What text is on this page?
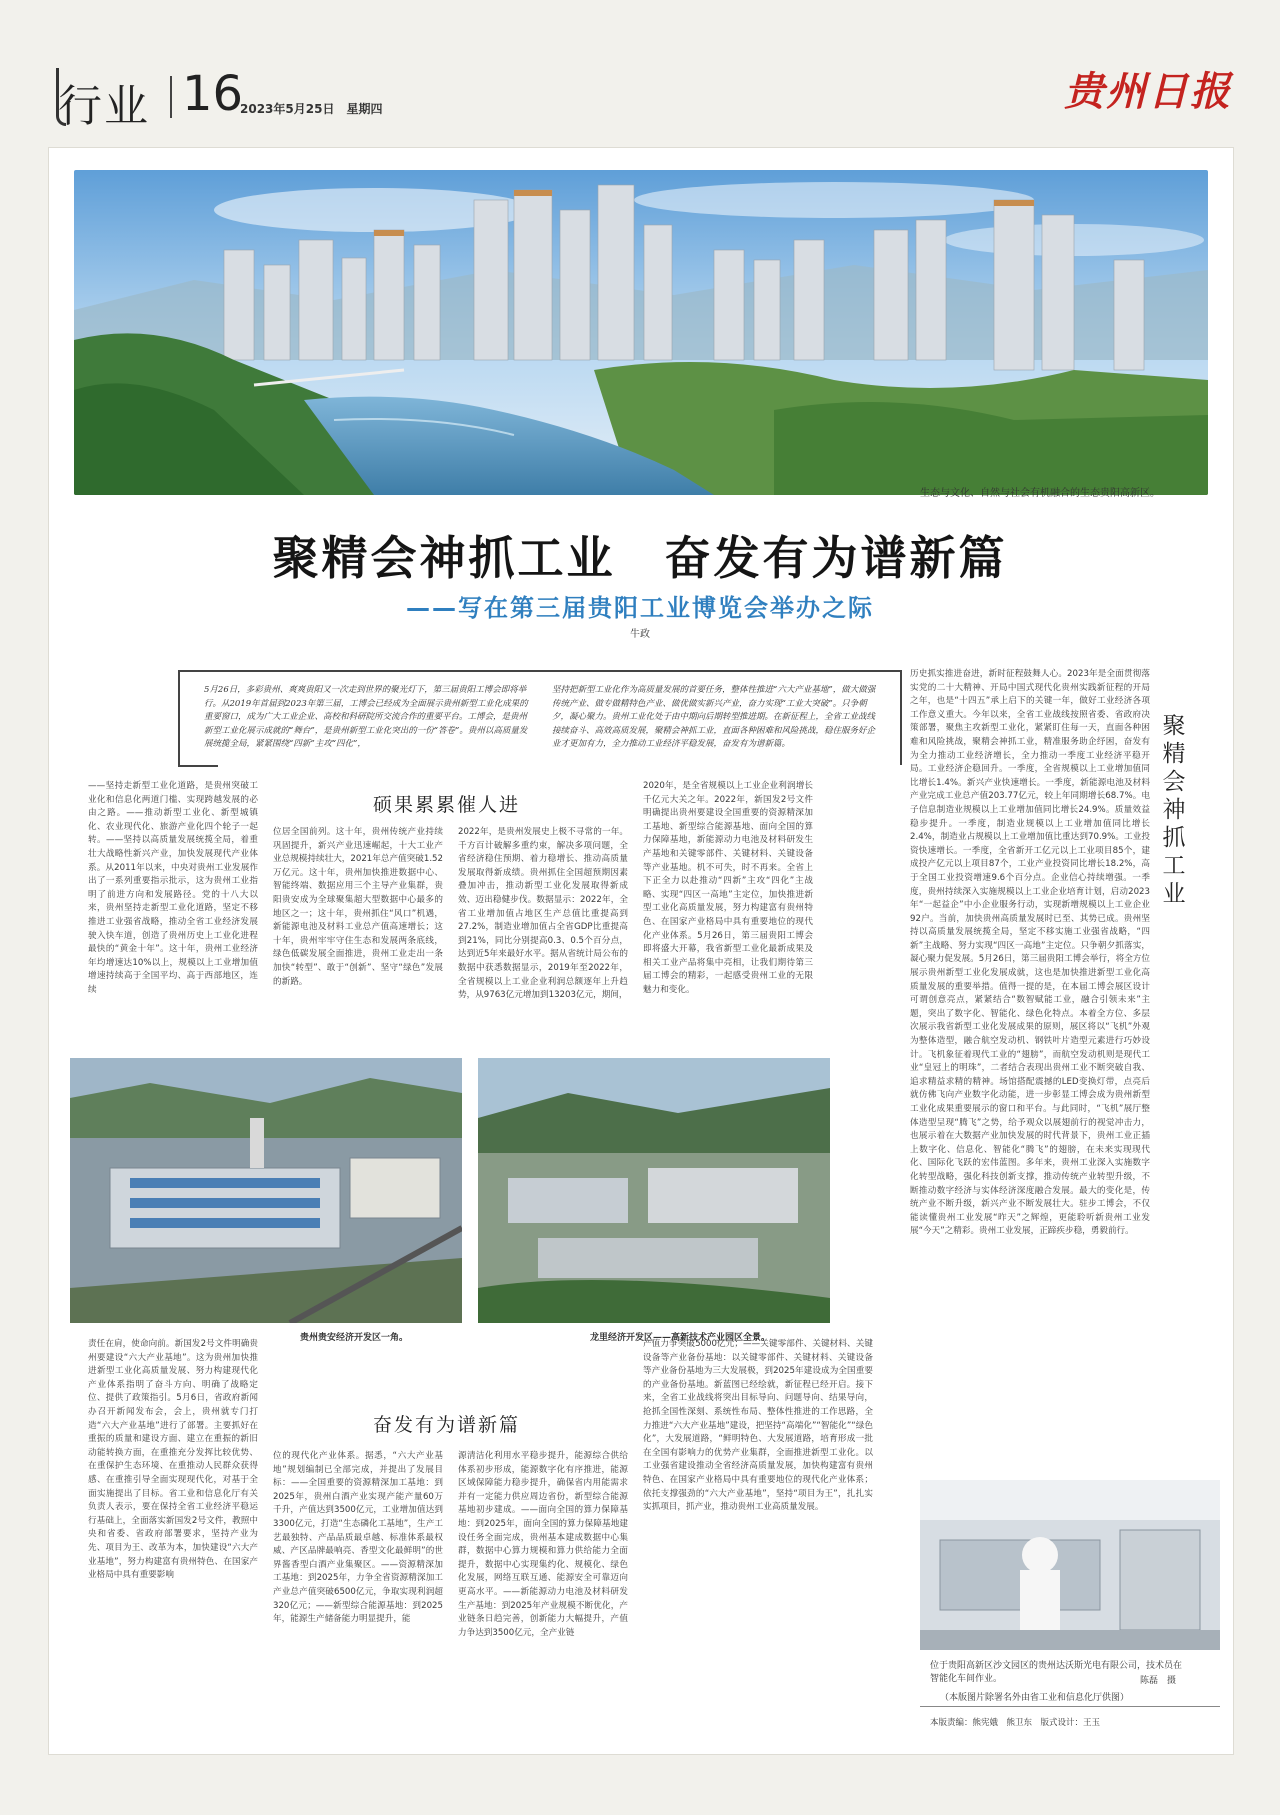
行业 16
2023年5月25日　星期四	贵州日报
生态与文化、自然与社会有机融合的生态贵阳高新区。
聚精会神抓工业　奋发有为谱新篇
——写在第三届贵阳工业博览会举办之际
牛政
5月26日，多彩贵州、爽爽贵阳又一次走到世界的聚光灯下，第三届贵阳工博会即将举行。从2019年首届到2023年第三届，工博会已经成为全面展示贵州新型工业化成果的重要窗口，成为广大工业企业、高校和科研院所交流合作的重要平台。工博会，是贵州新型工业化展示成就的“舞台”，是贵州新型工业化突出的一份“答卷”。贵州以高质量发展统揽全局，紧紧围绕“四新”主攻“四化”，
坚持把新型工业化作为高质量发展的首要任务，整体性推进“六大产业基地”，做大做强传统产业、做专做精特色产业、做优做实新兴产业，奋力实现“工业大突破”。只争朝夕，凝心聚力。贵州工业化处于由中期向后期转型推进期。在新征程上，全省工业战线接续奋斗、高效高质发展，聚精会神抓工业，直面各种困难和风险挑战，稳住服务好企业才更加有力，全力推动工业经济平稳发展，奋发有为谱新篇。
聚
精
会
神
抓
工
业
——坚持走新型工业化道路，是贵州突破工业化和信息化两道门槛、实现跨越发展的必由之路。——推动新型工业化、新型城镇化、农业现代化、旅游产业化四个轮子一起转。——坚持以高质量发展统揽全局，着重壮大战略性新兴产业，加快发展现代产业体系。从2011年以来，中央对贵州工业发展作出了一系列重要指示批示，这为贵州工业指明了前进方向和发展路径。党的十八大以来，贵州坚持走新型工业化道路，坚定不移推进工业强省战略，推动全省工业经济发展驶入快车道，创造了贵州历史上工业化进程最快的“黄金十年”。这十年，贵州工业经济年均增速达10%以上，规模以上工业增加值增速持续高于全国平均、高于西部地区，连续
硕果累累催人进
位居全国前列。这十年，贵州传统产业持续巩固提升，新兴产业迅速崛起，十大工业产业总规模持续壮大，2021年总产值突破1.52万亿元。这十年，贵州加快推进数据中心、智能终端、数据应用三个主导产业集群，贵阳贵安成为全球聚集超大型数据中心最多的地区之一；这十年，贵州抓住“风口”机遇，新能源电池及材料工业总产值高速增长；这十年，贵州牢牢守住生态和发展两条底线，绿色低碳发展全面推进，贵州工业走出一条加快“转型”、敢于“创新”、坚守“绿色”发展的新路。
2022年，是贵州发展史上极不寻常的一年。千方百计破解多重约束，解决多项问题，全省经济稳住预期、着力稳增长、推动高质量发展取得新成绩。贵州抓住全国超预期因素叠加冲击，推动新型工业化发展取得新成效、迈出稳健步伐。数据显示：2022年，全省工业增加值占地区生产总值比重提高到27.2%，制造业增加值占全省GDP比重提高到21%，同比分别提高0.3、0.5个百分点，达到近5年来最好水平。据从省统计局公布的数据中获悉数据显示，2019年至2022年，全省规模以上工业企业利润总额逐年上升趋势，从9763亿元增加到13203亿元，期间，
2020年，是全省规模以上工业企业利润增长千亿元大关之年。2022年，新国发2号文件明确提出贵州要建设全国重要的资源精深加工基地、新型综合能源基地、面向全国的算力保障基地，新能源动力电池及材料研发生产基地和关键零部件、关键材料、关键设备等产业基地。机不可失，时不再来。全省上下正全力以赴推动“四新”主攻“四化”主战略、实现“四区一高地”主定位，加快推进新型工业化高质量发展，努力构建富有贵州特色、在国家产业格局中具有重要地位的现代化产业体系。5月26日，第三届贵阳工博会即将盛大开幕，我省新型工业化最新成果及相关工业产品将集中亮相，让我们期待第三届工博会的精彩，一起感受贵州工业的无限魅力和变化。
历史抓实推进奋进，新时征程鼓舞人心。2023年是全面贯彻落实党的二十大精神、开局中国式现代化贵州实践新征程的开局之年，也是“十四五”承上启下的关键一年，做好工业经济各项工作意义重大。今年以来，全省工业战线按照省委、省政府决策部署，聚焦主攻新型工业化，紧紧盯住每一天，直面各种困难和风险挑战，聚精会神抓工业，精准服务助企纾困，奋发有为全力推动工业经济增长，全力推动一季度工业经济平稳开局。工业经济企稳回升。一季度，全省规模以上工业增加值同比增长1.4%。新兴产业快速增长。一季度，新能源电池及材料产业完成工业总产值203.77亿元，较上年同期增长68.7%。电子信息制造业规模以上工业增加值同比增长24.9%。质量效益稳步提升。一季度，制造业规模以上工业增加值同比增长2.4%，制造业占规模以上工业增加值比重达到70.9%。工业投资快速增长。一季度，全省新开工亿元以上工业项目85个，建成投产亿元以上项目87个，工业产业投资同比增长18.2%，高于全国工业投资增速9.6个百分点。企业信心持续增强。一季度，贵州持续深入实施规模以上工业企业培育计划，启动2023年“一起益企”中小企业服务行动，实现新增规模以上工业企业92户。当前，加快贵州高质量发展时已至、其势已成。贵州坚持以高质量发展统揽全局，坚定不移实施工业强省战略，“四新”主战略、努力实现“四区一高地”主定位。只争朝夕抓落实，凝心聚力促发展。5月26日，第三届贵阳工博会举行，将全方位展示贵州新型工业化发展成就，这也是加快推进新型工业化高质量发展的重要举措。值得一提的是，在本届工博会展区设计可谓创意亮点，紧紧结合“数智赋能工业，融合引领未来”主题，突出了数字化、智能化、绿色化特点。本着全方位、多层次展示我省新型工业化发展成果的原则，展区将以“飞机”外观为整体造型，融合航空发动机、钢铁叶片造型元素进行巧妙设计。飞机象征着现代工业的“翅膀”，而航空发动机则是现代工业“皇冠上的明珠”，二者结合表现出贵州工业不断突破自我、追求精益求精的精神。场馆搭配震撼的LED变换灯带，点亮后就仿佛飞向产业数字化动能，进一步彰显工博会成为贵州新型工业化成果重要展示的窗口和平台。与此同时，“飞机”展厅整体造型呈现“腾飞”之势，给予观众以展翅前行的视觉冲击力，也展示着在大数据产业加快发展的时代背景下，贵州工业正插上数字化、信息化、智能化“腾飞”的翅膀，在未来实现现代化、国际化飞跃的宏伟蓝图。多年来，贵州工业深入实施数字化转型战略，强化科技创新支撑，推动传统产业转型升级，不断推动数字经济与实体经济深度融合发展。最大的变化是，传统产业不断升级，新兴产业不断发展壮大。驻步工博会，不仅能读懂贵州工业发展“昨天”之辉煌，更能聆听新贵州工业发展“今天”之精彩。贵州工业发展，正蹄疾步稳，勇毅前行。
贵州贵安经济开发区一角。	龙里经济开发区——高新技术产业园区全景。
责任在肩，使命向前。新国发2号文件明确贵州要建设“六大产业基地”。这为贵州加快推进新型工业化高质量发展、努力构建现代化产业体系指明了奋斗方向、明确了战略定位、提供了政策指引。5月6日，省政府新闻办召开新闻发布会，会上，贵州就专门打造“六大产业基地”进行了部署。主要抓好在重振的质量和建设方面、建立在重振的新旧动能转换方面，在重推充分发挥比较优势、在重保护生态环境、在重推动人民群众获得感、在重推引导全面实现现代化，对基于全面实施提出了目标。省工业和信息化厅有关负责人表示，要在保持全省工业经济平稳运行基础上，全面落实新国发2号文件，教照中央和省委、省政府部署要求，坚持产业为先、项目为王、改革为本，加快建设“六大产业基地”，努力构建富有贵州特色、在国家产业格局中具有重要影响
奋发有为谱新篇
位的现代化产业体系。据悉，“六大产业基地”规划编制已全部完成，并提出了发展目标：——全国重要的资源精深加工基地：到2025年，贵州白酒产业实现产能产量60万千升，产值达到3500亿元，工业增加值达到3300亿元，打造“生态磷化工基地”，生产工艺最独特、产品品质最卓越、标准体系最权威、产区品牌最响亮、香型文化最鲜明”的世界酱香型白酒产业集聚区。——资源精深加工基地：到2025年，力争全省资源精深加工产业总产值突破6500亿元，争取实现利润超320亿元；——新型综合能源基地：到2025年，能源生产储备能力明显提升，能
源清洁化利用水平稳步提升，能源综合供给体系初步形成，能源数字化有序推进，能源区域保障能力稳步提升，确保省内用能需求并有一定能力供应周边省份，新型综合能源基地初步建成。——面向全国的算力保障基地：到2025年，面向全国的算力保障基地建设任务全面完成，贵州基本建成数据中心集群，数据中心算力规模和算力供给能力全面提升，数据中心实现集约化、规模化、绿色化发展，网络互联互通、能源安全可靠迈向更高水平。——新能源动力电池及材料研发生产基地：到2025年产业规模不断优化，产业链条日趋完善，创新能力大幅提升，产值力争达到3500亿元，全产业链
产值力争突破5000亿元；——关键零部件、关键材料、关键设备等产业备份基地：以关键零部件、关键材料、关键设备等产业备份基地为三大发展极，到2025年建设成为全国重要的产业备份基地。新蓝图已经绘就，新征程已经开启。接下来，全省工业战线将突出目标导向、问题导向、结果导向，抢抓全国性深刻、系统性布局、整体性推进的工作思路，全力推进“六大产业基地”建设，把坚持“高端化”“智能化”“绿色化”，大发展道路，“鲜明特色、大发展道路，培育形成一批在全国有影响力的优势产业集群，全面推进新型工业化。以工业强省建设推动全省经济高质量发展，加快构建富有贵州特色、在国家产业格局中具有重要地位的现代化产业体系；依托支撑强劲的“六大产业基地”，坚持“项目为王”，扎扎实实抓项目，抓产业，推动贵州工业高质量发展。
位于贵阳高新区沙文园区的贵州达沃斯光电有限公司，技术员在智能化车间作业。	陈磊　摄
（本版图片除署名外由省工业和信息化厅供图）
本版责编：熊宪娥　熊卫东　版式设计：王玉
